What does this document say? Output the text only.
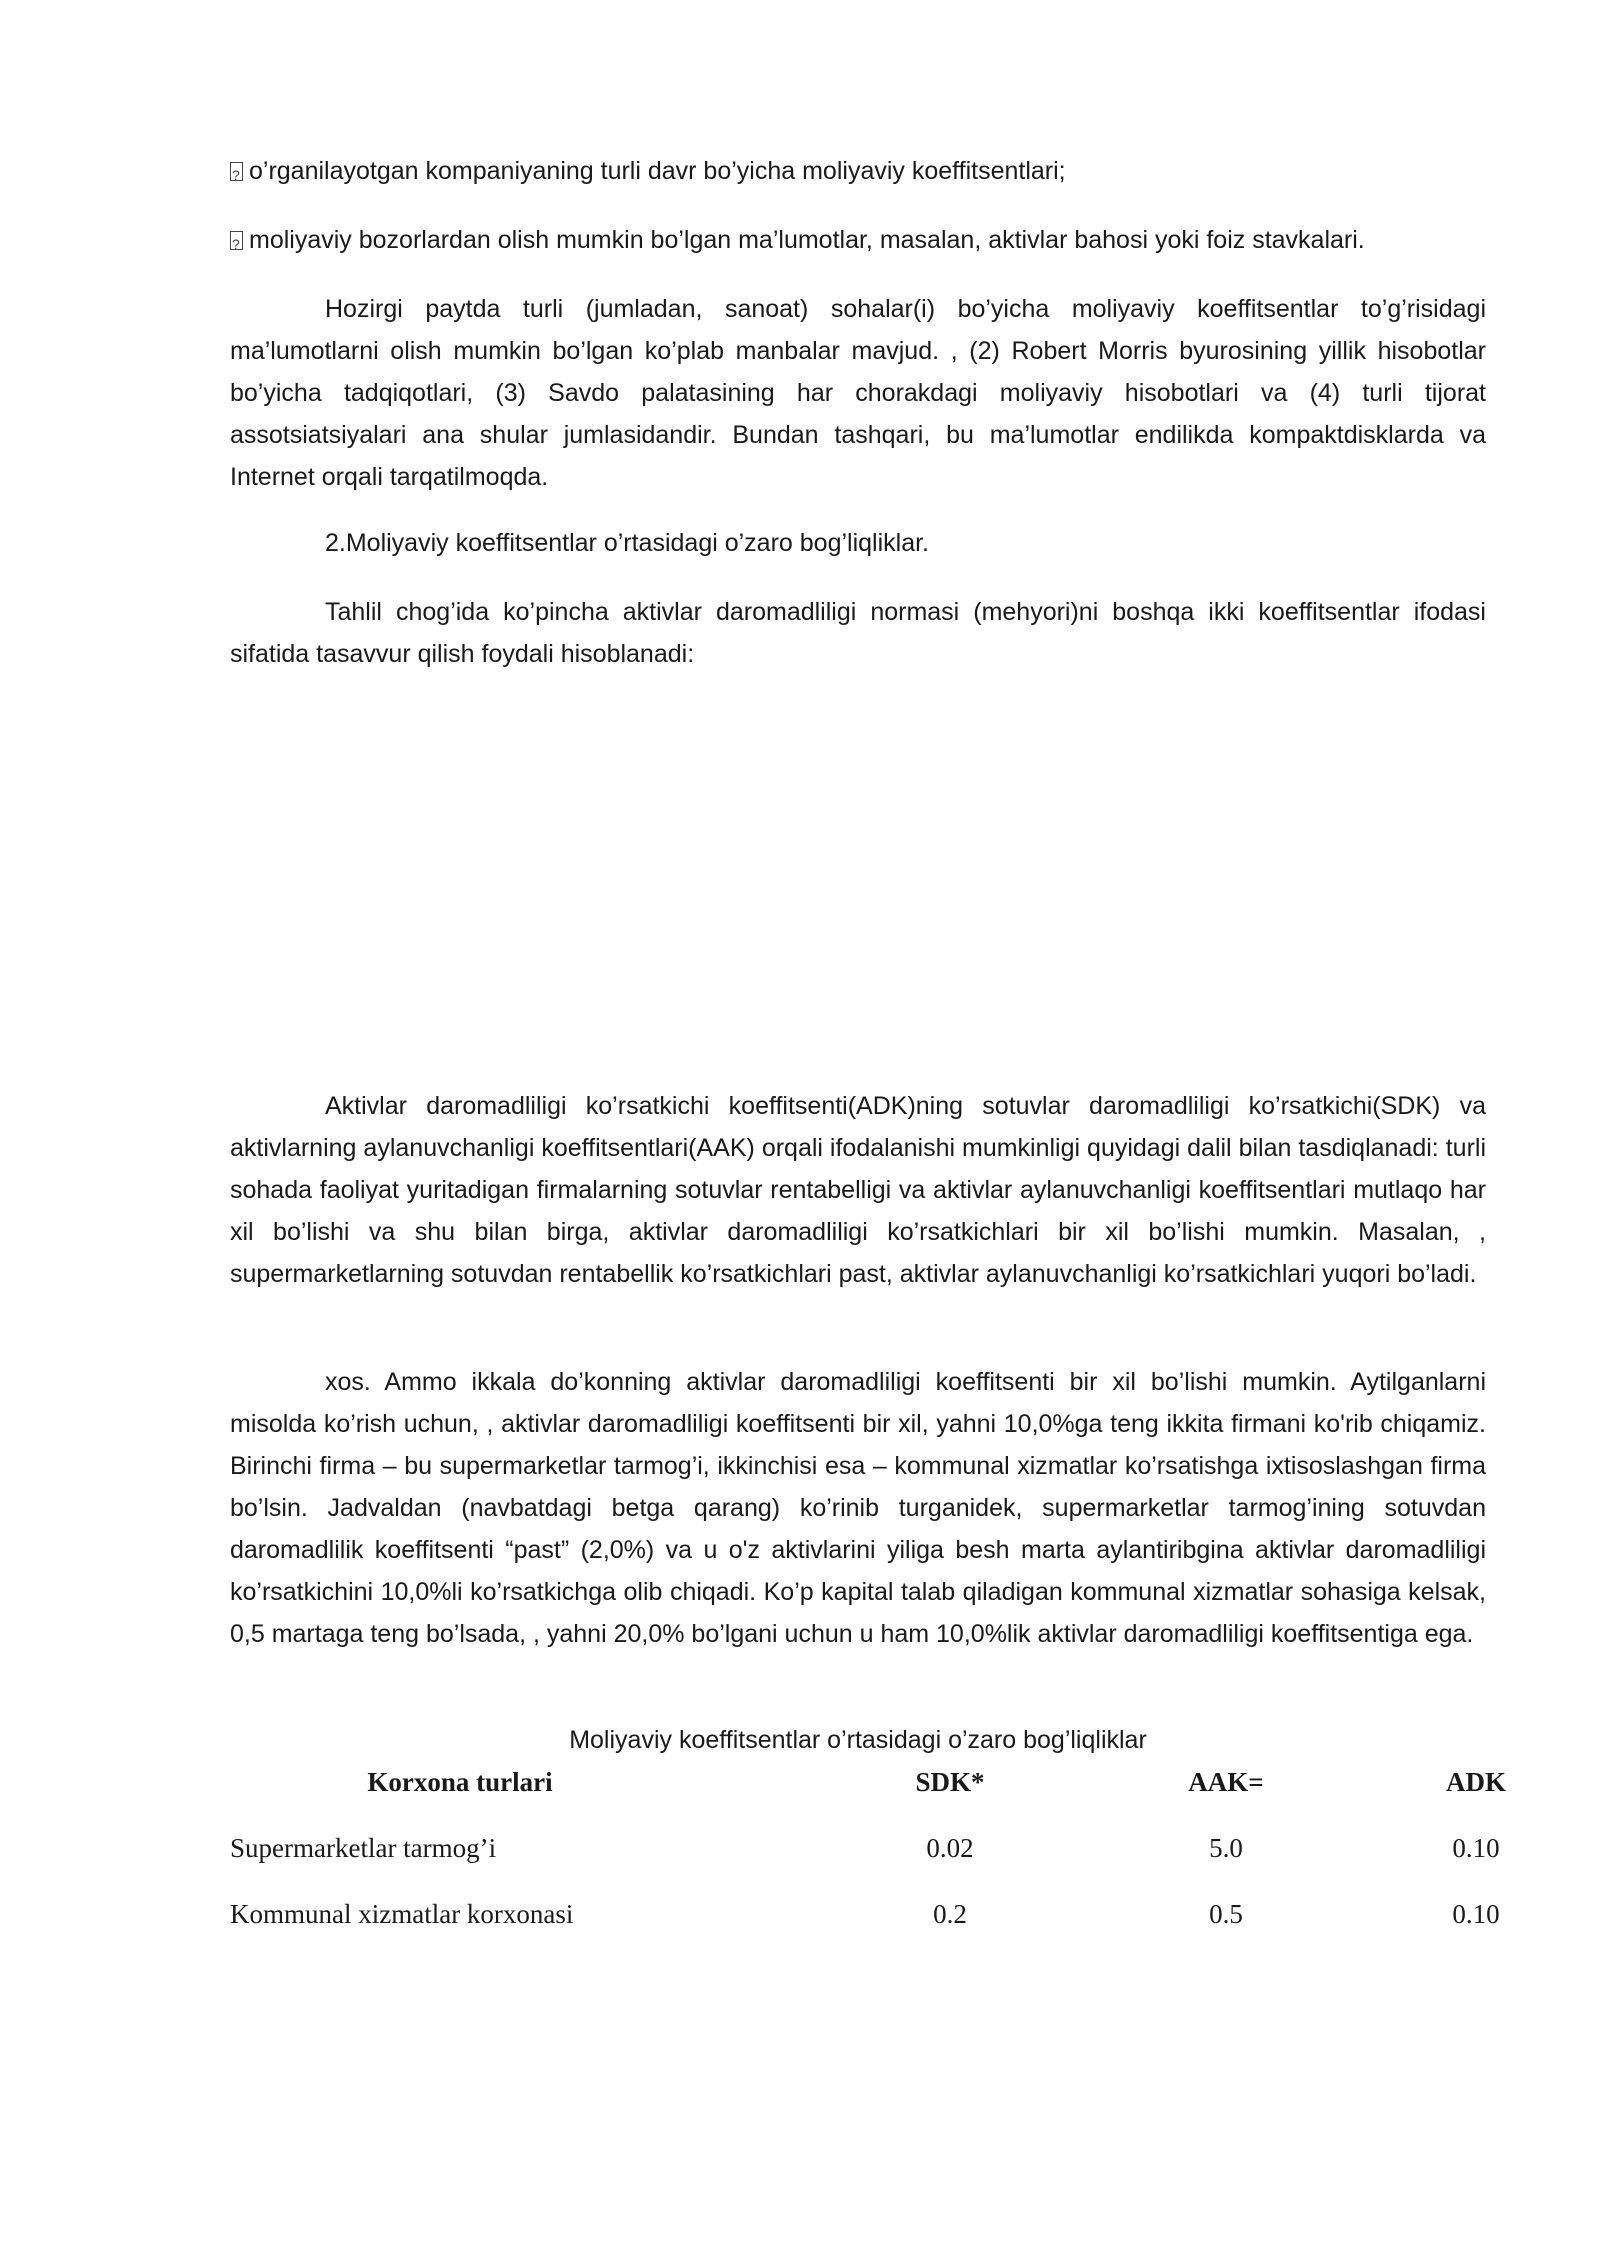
?o’rganilayotgan kompaniyaning turli davr bo’yicha moliyaviy koeffitsentlari;
?moliyaviy bozorlardan olish mumkin bo’lgan ma’lumotlar, masalan, aktivlar bahosi yoki foiz stavkalari.

Hozirgi paytda turli (jumladan, sanoat) sohalar(i) bo’yicha moliyaviy koeffitsentlar to’g’risidagi ma’lumotlarni olish mumkin bo’lgan ko’plab manbalar mavjud. , (2) Robert Morris byurosining yillik hisobotlar bo’yicha tadqiqotlari, (3) Savdo palatasining har chorakdagi moliyaviy hisobotlari va (4) turli tijorat assotsiatsiyalari ana shular jumlasidandir. Bundan tashqari, bu ma’lumotlar endilikda kompaktdisklarda va Internet orqali tarqatilmoqda.

2.Moliyaviy koeffitsentlar o’rtasidagi o’zaro bog’liqliklar.

Tahlil chog’ida ko’pincha aktivlar daromadliligi normasi (mehyori)ni boshqa ikki koeffitsentlar ifodasi sifatida tasavvur qilish foydali hisoblanadi:

Aktivlar daromadliligi ko’rsatkichi koeffitsenti(ADK)ning sotuvlar daromadliligi ko’rsatkichi(SDK) va aktivlarning aylanuvchanligi koeffitsentlari(AAK) orqali ifodalanishi mumkinligi quyidagi dalil bilan tasdiqlanadi: turli sohada faoliyat yuritadigan firmalarning sotuvlar rentabelligi va aktivlar aylanuvchanligi koeffitsentlari mutlaqo har xil bo’lishi va shu bilan birga, aktivlar daromadliligi ko’rsatkichlari bir xil bo’lishi mumkin. Masalan, , supermarketlarning sotuvdan rentabellik ko’rsatkichlari past, aktivlar aylanuvchanligi ko’rsatkichlari yuqori bo’ladi.

xos. Ammo ikkala do’konning aktivlar daromadliligi koeffitsenti bir xil bo’lishi mumkin. Aytilganlarni misolda ko’rish uchun, , aktivlar daromadliligi koeffitsenti bir xil, yahni 10,0%ga teng ikkita firmani ko'rib chiqamiz. Birinchi firma – bu supermarketlar tarmog’i, ikkinchisi esa – kommunal xizmatlar ko’rsatishga ixtisoslashgan firma bo’lsin. Jadvaldan (navbatdagi betga qarang) ko’rinib turganidek, supermarketlar tarmog’ining sotuvdan daromadlilik koeffitsenti “past” (2,0%) va u o'z aktivlarini yiliga besh marta aylantiribgina aktivlar daromadliligi ko’rsatkichini 10,0%li ko’rsatkichga olib chiqadi. Ko’p kapital talab qiladigan kommunal xizmatlar sohasiga kelsak, 0,5 martaga teng bo’lsada, , yahni 20,0% bo’lgani uchun u ham 10,0%lik aktivlar daromadliligi koeffitsentiga ega.

Moliyaviy koeffitsentlar o’rtasidagi o’zaro bog’liqliklar
Korxona turlari	SDK*	AAK=	ADK
Supermarketlar tarmog’i	0.02	5.0	0.10
Kommunal xizmatlar korxonasi	0.2	0.5	0.10
